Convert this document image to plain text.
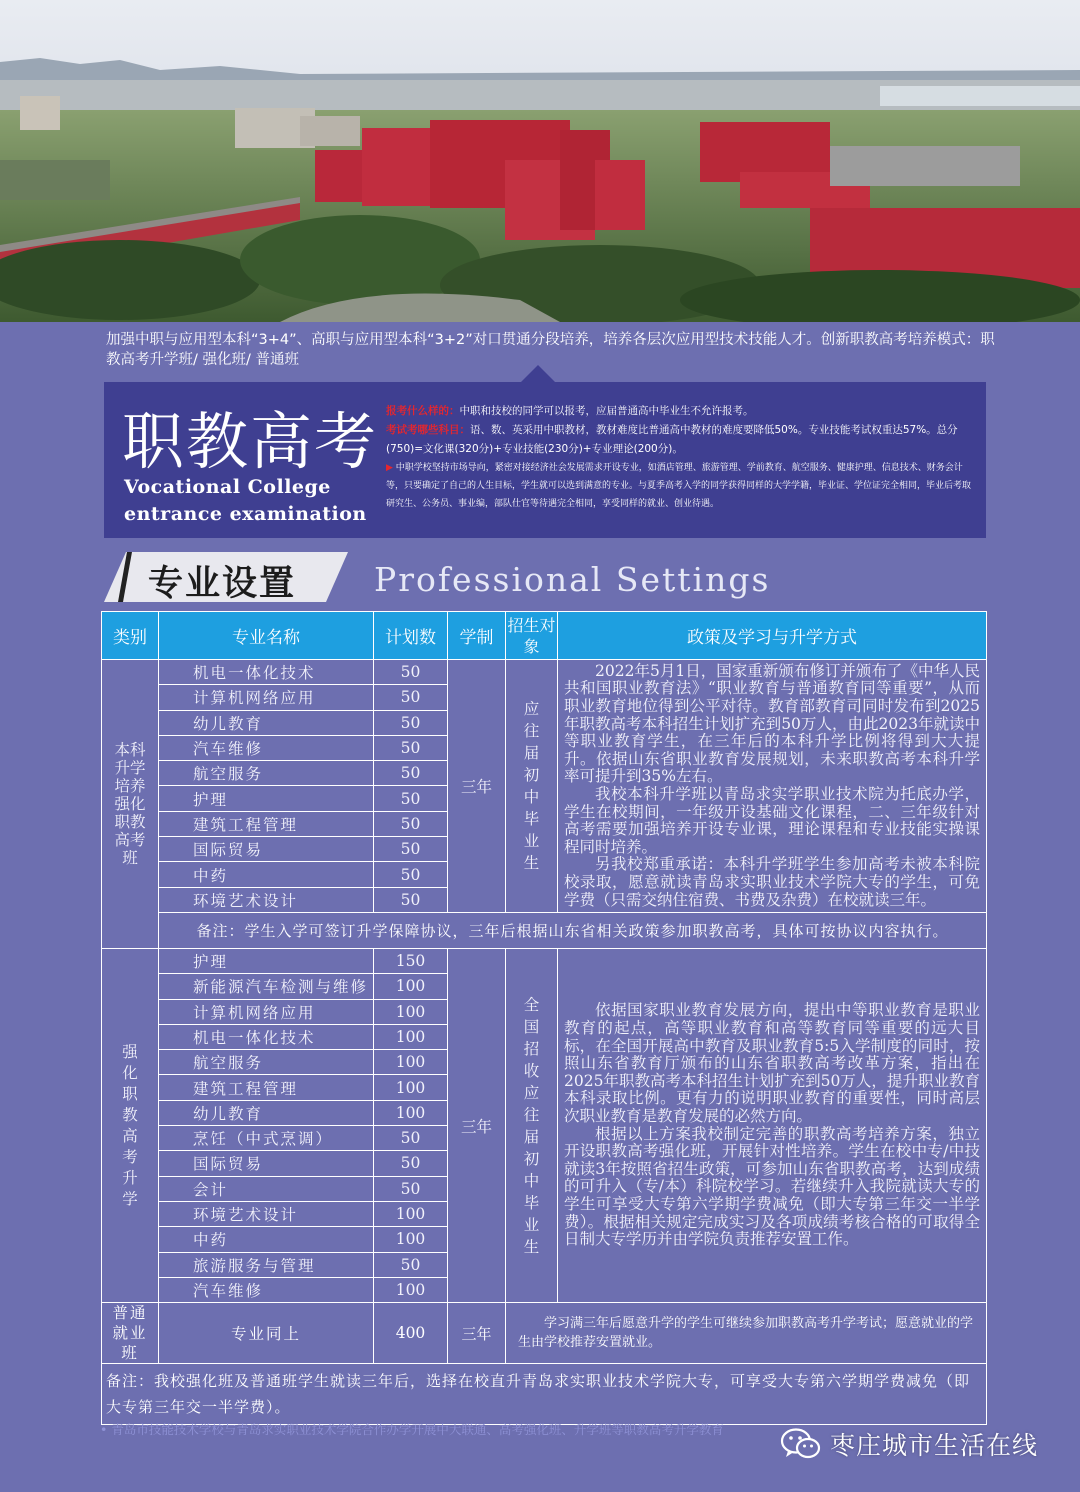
加强中职与应用型本科“3+4”、高职与应用型本科“3+2”对口贯通分段培养，培养各层次应用型技术技能人才。创新职教高考培养模式：职教高考升学班/ 强化班/ 普通班
职教高考
Vocational College
entrance examination
报考什么样的：中职和技校的同学可以报考，应届普通高中毕业生不允许报考。
考试考哪些科目：语、数、英采用中职教材，教材难度比普通高中教材的难度要降低50%。专业技能考试权重达57%。总分(750)=文化课(320分)+专业技能(230分)+专业理论(200分)。
▶ 中职学校坚持市场导向，紧密对接经济社会发展需求开设专业，如酒店管理、旅游管理、学前教育、航空服务、健康护理、信息技术、财务会计等，只要确定了自己的人生目标，学生就可以选到满意的专业。与夏季高考入学的同学获得同样的大学学籍，毕业证、学位证完全相同，毕业后考取研究生、公务员、事业编，部队仕官等待遇完全相同，享受同样的就业、创业待遇。
专业设置 Professional Settings
类别	专业名称	计划数	学制	招生对象	政策及学习与升学方式

本科升学培养强化职教高考班	机电一体化技术	50	三年	应往届初中毕业生	2022年5月1日，国家重新颁布修订并颁布了《中华人民共和国职业教育法》“职业教育与普通教育同等重要”，从而职业教育地位得到公平对待。教育部教育司同时发布到2025年职教高考本科招生计划扩充到50万人，由此2023年就读中等职业教育学生，在三年后的本科升学比例将得到大大提升。依据山东省职业教育发展规划，未来职教高考本科升学率可提升到35%左右。

我校本科升学班以青岛求实学职业技术院为托底办学，学生在校期间，一年级开设基础文化课程，二、三年级针对高考需要加强培养开设专业课，理论课程和专业技能实操课程同时培养。

另我校郑重承诺：本科升学班学生参加高考未被本科院校录取，愿意就读青岛求实职业技术学院大专的学生，可免学费（只需交纳住宿费、书费及杂费）在校就读三年。

	计算机网络应用	50			
	幼儿教育	50			
	汽车维修	50			
	航空服务	50			
	护理	50			
	建筑工程管理	50			
	国际贸易	50			
	中药	50			
	环境艺术设计	50			
	备注：学生入学可签订升学保障协议，三年后根据山东省相关政策参加职教高考，具体可按协议内容执行。				

强化职教高考升学	护理	150	三年	全国招收应往届初中毕业生	依据国家职业教育发展方向，提出中等职业教育是职业教育的起点，高等职业教育和高等教育同等重要的远大目标，在全国开展高中教育及职业教育5:5入学制度的同时，按照山东省教育厅颁布的山东省职教高考改革方案，指出在2025年职教高考本科招生计划扩充到50万人，提升职业教育本科录取比例。更有力的说明职业教育的重要性，同时高层次职业教育是教育发展的必然方向。

根据以上方案我校制定完善的职教高考培养方案，独立开设职教高考强化班，开展针对性培养。学生在校中专/中技就读3年按照省招生政策，可参加山东省职教高考，达到成绩的可升入（专/本）科院校学习。若继续升入我院就读大专的学生可享受大专第六学期学费减免（即大专第三年交一半学费）。根据相关规定完成实习及各项成绩考核合格的可取得全日制大专学历并由学院负责推荐安置工作。

	新能源汽车检测与维修	100			
	计算机网络应用	100			
	机电一体化技术	100			
	航空服务	100			
	建筑工程管理	100			
	幼儿教育	100			
	烹饪（中式烹调）	50			
	国际贸易	50			
	会计	50			
	环境艺术设计	100			
	中药	100			
	旅游服务与管理	50			
	汽车维修	100			

普通就业班	专业同上	400	三年	学习满三年后愿意升学的学生可继续参加职教高考升学考试；愿意就业的学生由学校推荐安置就业。	
备注：我校强化班及普通班学生就读三年后，选择在校直升青岛求实职业技术学院大专，可享受大专第六学期学费减免（即大专第三年交一半学费）。					
• 青岛市技能技术学校与青岛求实职业技术学院合作办学开展中大联通、高考强化班、升学班等职教高考升学教育
枣庄城市生活在线
